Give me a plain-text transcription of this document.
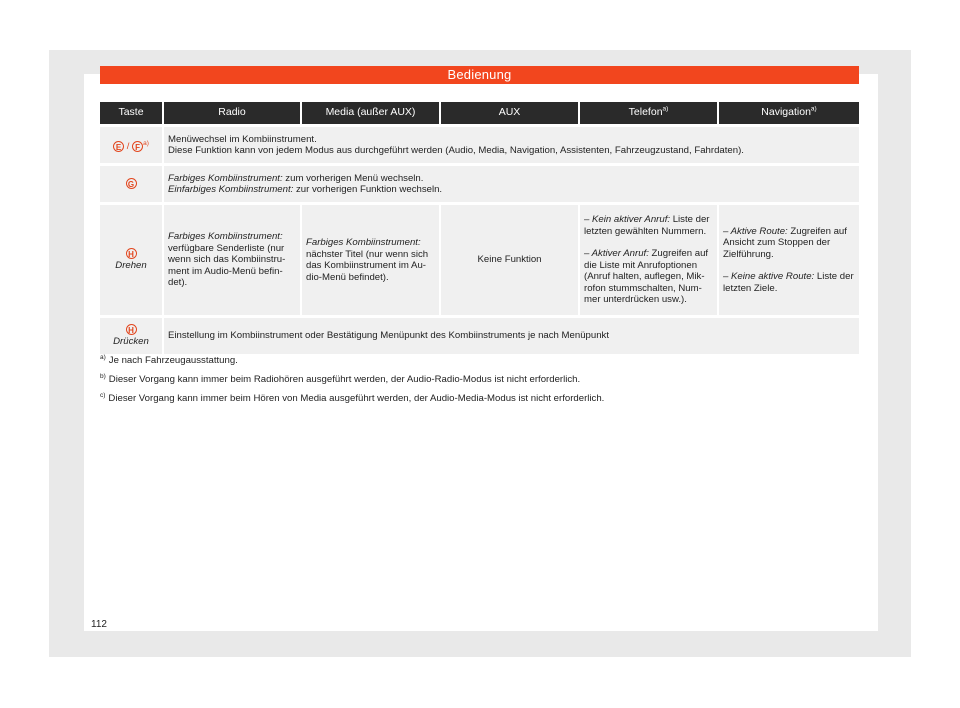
Bedienung
Taste	Radio	Media (außer AUX)	AUX	Telefon$^{a)}$	Navigation$^{a)}$
E / F $^{a)}$	Menüwechsel im Kombiinstrument.
Diese Funktion kann von jedem Modus aus durchgeführt werden (Audio, Media, Navigation, Assistenten, Fahrzeugzustand, Fahrdaten).				

G	Farbiges Kombiinstrument: zum vorherigen Menü wechseln.
Einfarbiges Kombiinstrument: zur vorherigen Funktion wechseln.				

H
Drehen	Farbiges Kombiinstrument:
verfügbare Senderliste (nur wenn sich das Kombiinstrument im Audio-Menü befindet).	Farbiges Kombiinstrument:
nächster Titel (nur wenn sich das Kombiinstrument im Audio-Menü befindet).	Keine Funktion	– Kein aktiver Anruf: Liste der letzten gewählten Nummern.
– Aktiver Anruf: Zugreifen auf die Liste mit Anrufoptionen (Anruf halten, auflegen, Mikrofon stummschalten, Nummer unterdrücken usw.).	– Aktive Route: Zugreifen auf Ansicht zum Stoppen der Zielführung.
– Keine aktive Route: Liste der letzten Ziele.

H
Drücken	Einstellung im Kombiinstrument oder Bestätigung Menüpunkt des Kombiinstruments je nach Menüpunkt				
$^{a)}$ Je nach Fahrzeugausstattung.
$^{b)}$ Dieser Vorgang kann immer beim Radiohören ausgeführt werden, der Audio-Radio-Modus ist nicht erforderlich.
$^{c)}$ Dieser Vorgang kann immer beim Hören von Media ausgeführt werden, der Audio-Media-Modus ist nicht erforderlich.
112
